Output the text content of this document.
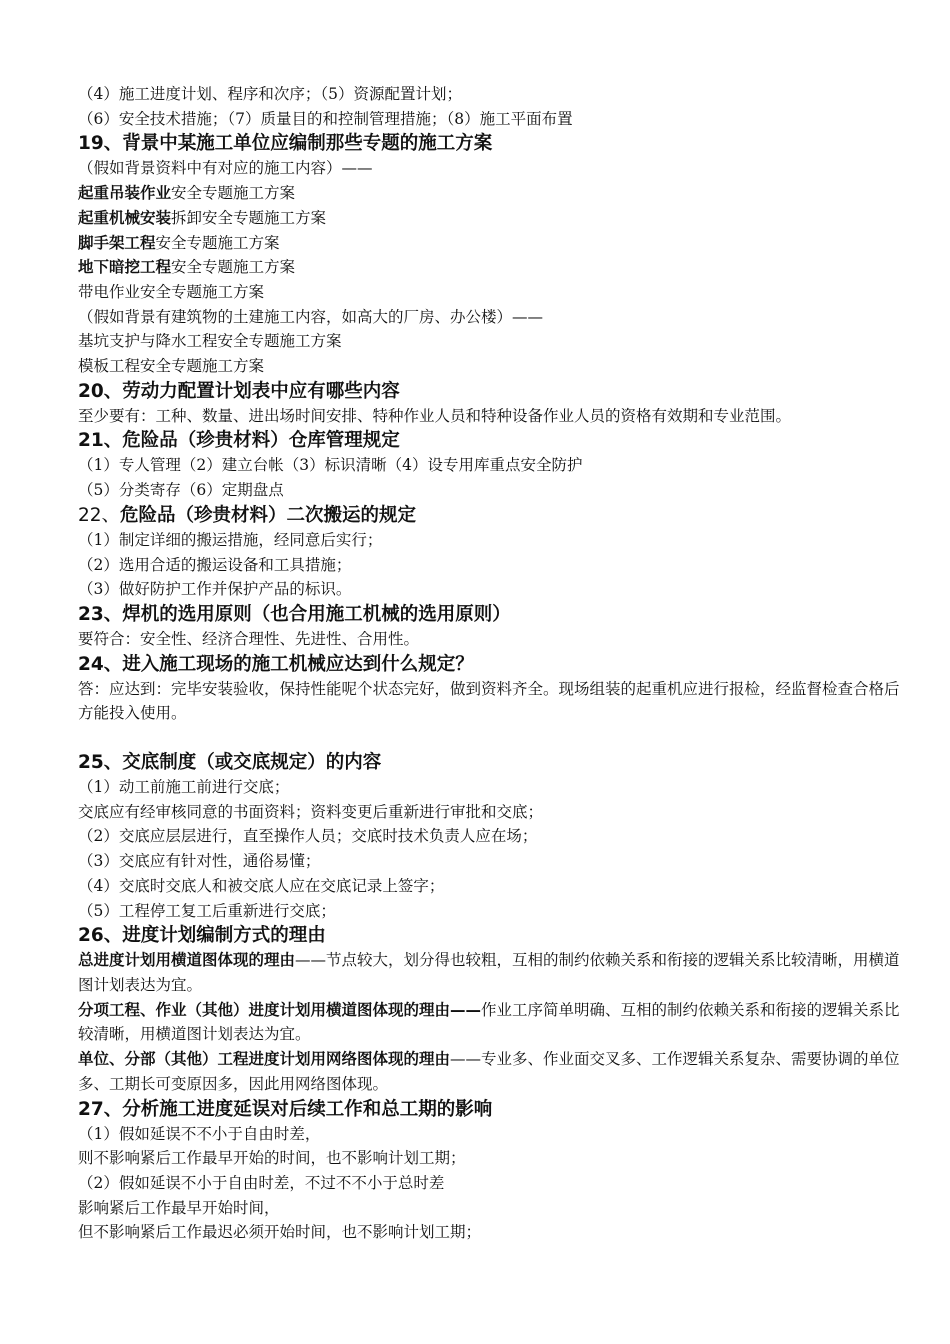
（4）施工进度计划、程序和次序；（5）资源配置计划；
（6）安全技术措施；（7）质量目的和控制管理措施；（8）施工平面布置
19、背景中某施工单位应编制那些专题的施工方案
（假如背景资料中有对应的施工内容）——
起重吊装作业安全专题施工方案
起重机械安装拆卸安全专题施工方案
脚手架工程安全专题施工方案
地下暗挖工程安全专题施工方案
带电作业安全专题施工方案
（假如背景有建筑物的土建施工内容，如高大的厂房、办公楼）——
基坑支护与降水工程安全专题施工方案
模板工程安全专题施工方案
20、劳动力配置计划表中应有哪些内容
至少要有：工种、数量、进出场时间安排、特种作业人员和特种设备作业人员的资格有效期和专业范围。
21、危险品（珍贵材料）仓库管理规定
（1）专人管理（2）建立台帐（3）标识清晰（4）设专用库重点安全防护
（5）分类寄存（6）定期盘点
22、危险品（珍贵材料）二次搬运的规定
（1）制定详细的搬运措施，经同意后实行；
（2）选用合适的搬运设备和工具措施；
（3）做好防护工作并保护产品的标识。
23、焊机的选用原则（也合用施工机械的选用原则）
要符合：安全性、经济合理性、先进性、合用性。
24、进入施工现场的施工机械应达到什么规定？
答：应达到：完毕安装验收，保持性能呢个状态完好，做到资料齐全。现场组装的起重机应进行报检，经监督检查合格后方能投入使用。
25、交底制度（或交底规定）的内容
（1）动工前施工前进行交底；
交底应有经审核同意的书面资料；资料变更后重新进行审批和交底；
（2）交底应层层进行，直至操作人员；交底时技术负责人应在场；
（3）交底应有针对性，通俗易懂；
（4）交底时交底人和被交底人应在交底记录上签字；
（5）工程停工复工后重新进行交底；
26、进度计划编制方式的理由
总进度计划用横道图体现的理由——节点较大，划分得也较粗，互相的制约依赖关系和衔接的逻辑关系比较清晰，用横道图计划表达为宜。
分项工程、作业（其他）进度计划用横道图体现的理由——作业工序简单明确、互相的制约依赖关系和衔接的逻辑关系比较清晰，用横道图计划表达为宜。
单位、分部（其他）工程进度计划用网络图体现的理由——专业多、作业面交叉多、工作逻辑关系复杂、需要协调的单位多、工期长可变原因多，因此用网络图体现。
27、分析施工进度延误对后续工作和总工期的影响
（1）假如延误不不小于自由时差，
则不影响紧后工作最早开始的时间，也不影响计划工期；
（2）假如延误不小于自由时差，不过不不小于总时差
影响紧后工作最早开始时间，
但不影响紧后工作最迟必须开始时间，也不影响计划工期；
